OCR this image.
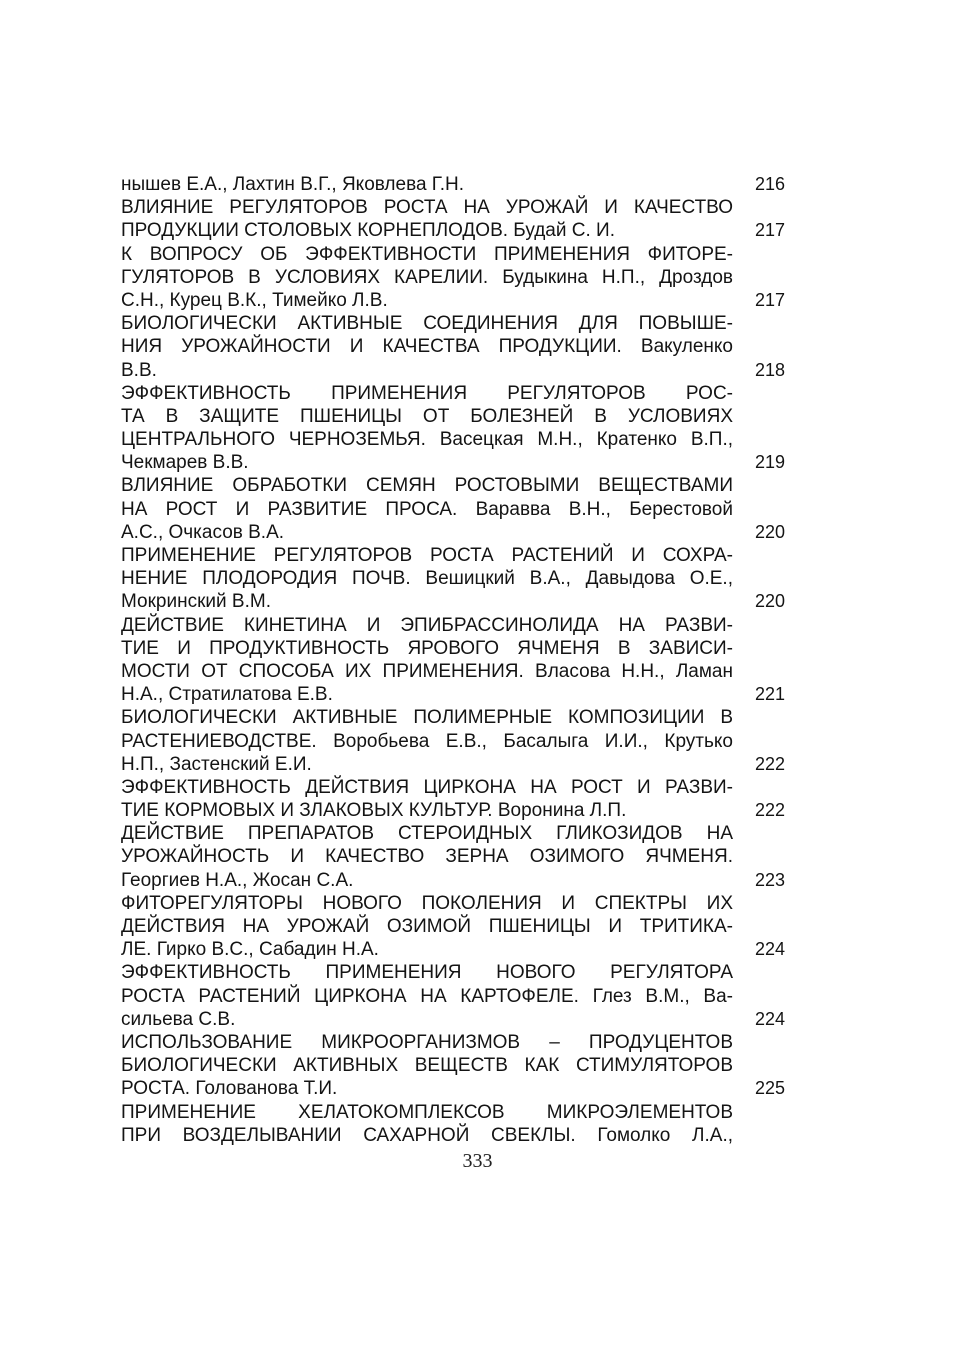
нышев Е.А., Лахтин В.Г., Яковлева Г.Н.	216
ВЛИЯНИЕ РЕГУЛЯТОРОВ РОСТА НА УРОЖАЙ И КАЧЕСТВО
ПРОДУКЦИИ СТОЛОВЫХ КОРНЕПЛОДОВ. Будай С. И.	217
К ВОПРОСУ ОБ ЭФФЕКТИВНОСТИ ПРИМЕНЕНИЯ ФИТОРЕ-
ГУЛЯТОРОВ В УСЛОВИЯХ КАРЕЛИИ. Будыкина Н.П., Дроздов
С.Н., Курец В.К., Тимейко Л.В.	217
БИОЛОГИЧЕСКИ АКТИВНЫЕ СОЕДИНЕНИЯ ДЛЯ ПОВЫШЕ-
НИЯ УРОЖАЙНОСТИ И КАЧЕСТВА ПРОДУКЦИИ. Вакуленко
В.В.	218
ЭФФЕКТИВНОСТЬ ПРИМЕНЕНИЯ РЕГУЛЯТОРОВ РОС-
ТА В ЗАЩИТЕ ПШЕНИЦЫ ОТ БОЛЕЗНЕЙ В УСЛОВИЯХ
ЦЕНТРАЛЬНОГО ЧЕРНОЗЕМЬЯ. Васецкая М.Н., Кратенко В.П.,
Чекмарев В.В.	219
ВЛИЯНИЕ ОБРАБОТКИ СЕМЯН РОСТОВЫМИ ВЕЩЕСТВАМИ
НА РОСТ И РАЗВИТИЕ ПРОСА. Варавва В.Н., Берестовой
А.С., Очкасов В.А.	220
ПРИМЕНЕНИЕ РЕГУЛЯТОРОВ РОСТА РАСТЕНИЙ И СОХРА-
НЕНИЕ ПЛОДОРОДИЯ ПОЧВ. Вешицкий В.А., Давыдова О.Е.,
Мокринский В.М.	220
ДЕЙСТВИЕ КИНЕТИНА И ЭПИБРАССИНОЛИДА НА РАЗВИ-
ТИЕ И ПРОДУКТИВНОСТЬ ЯРОВОГО ЯЧМЕНЯ В ЗАВИСИ-
МОСТИ ОТ СПОСОБА ИХ ПРИМЕНЕНИЯ. Власова Н.Н., Ламан
Н.А., Стратилатова Е.В.	221
БИОЛОГИЧЕСКИ АКТИВНЫЕ ПОЛИМЕРНЫЕ КОМПОЗИЦИИ В
РАСТЕНИЕВОДСТВЕ. Воробьева Е.В., Басалыга И.И., Крутько
Н.П., Застенский Е.И.	222
ЭФФЕКТИВНОСТЬ ДЕЙСТВИЯ ЦИРКОНА НА РОСТ И РАЗВИ-
ТИЕ КОРМОВЫХ И ЗЛАКОВЫХ КУЛЬТУР. Воронина Л.П.	222
ДЕЙСТВИЕ ПРЕПАРАТОВ СТЕРОИДНЫХ ГЛИКОЗИДОВ НА
УРОЖАЙНОСТЬ И КАЧЕСТВО ЗЕРНА ОЗИМОГО ЯЧМЕНЯ.
Георгиев Н.А., Жосан С.А.	223
ФИТОРЕГУЛЯТОРЫ НОВОГО ПОКОЛЕНИЯ И СПЕКТРЫ ИХ
ДЕЙСТВИЯ НА УРОЖАЙ ОЗИМОЙ ПШЕНИЦЫ И ТРИТИКА-
ЛЕ. Гирко В.С., Сабадин Н.А.	224
ЭФФЕКТИВНОСТЬ ПРИМЕНЕНИЯ НОВОГО РЕГУЛЯТОРА
РОСТА РАСТЕНИЙ ЦИРКОНА НА КАРТОФЕЛЕ. Глез В.М., Ва-
сильева С.В.	224
ИСПОЛЬЗОВАНИЕ МИКРООРГАНИЗМОВ – ПРОДУЦЕНТОВ
БИОЛОГИЧЕСКИ АКТИВНЫХ ВЕЩЕСТВ КАК СТИМУЛЯТОРОВ
РОСТА. Голованова Т.И.	225
ПРИМЕНЕНИЕ ХЕЛАТОКОМПЛЕКСОВ МИКРОЭЛЕМЕНТОВ
ПРИ ВОЗДЕЛЫВАНИИ САХАРНОЙ СВЕКЛЫ. Гомолко Л.А.,
333
